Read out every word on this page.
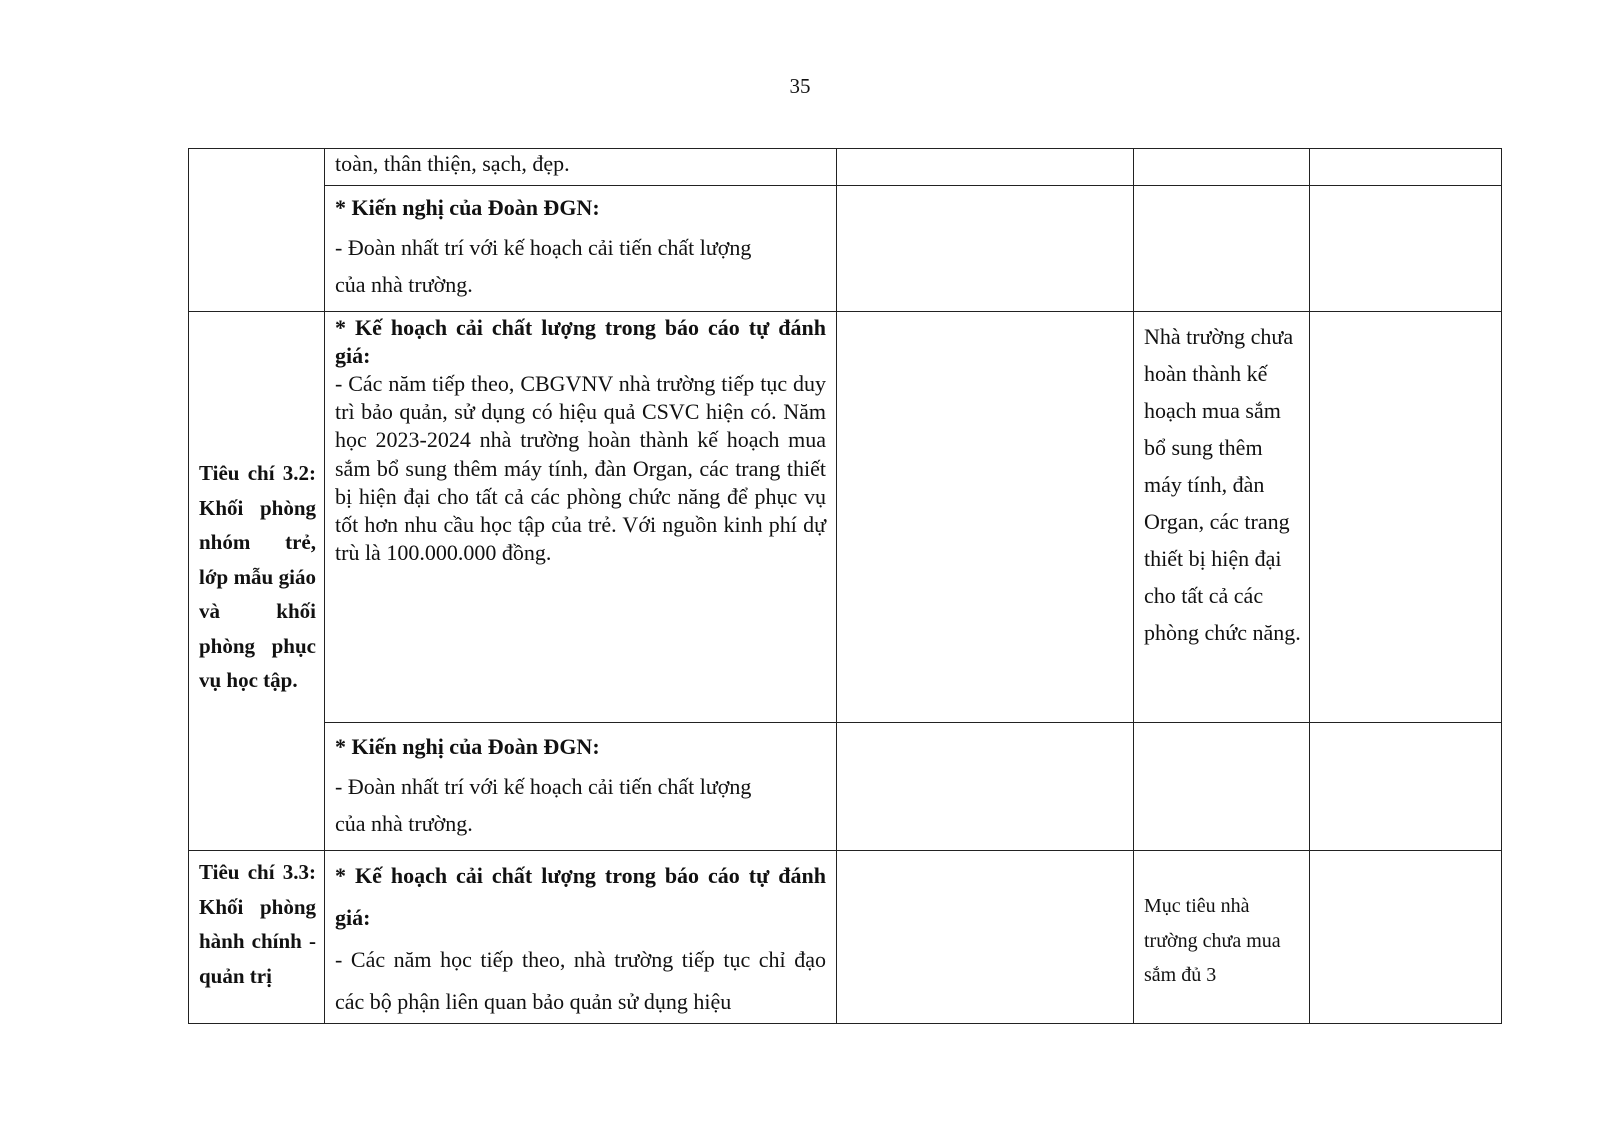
35

	toàn, thân thiện, sạch, đẹp.			

	* Kiến nghị của Đoàn ĐGN:
- Đoàn nhất trí với kế hoạch cải tiến chất lượng
của nhà trường.			

Tiêu chí 3.2: Khối phòng nhóm trẻ, lớp mẫu giáo và khối phòng phục vụ học tập.	* Kế hoạch cải chất lượng trong báo cáo tự đánh giá:
- Các năm tiếp theo, CBGVNV nhà trường tiếp tục duy trì bảo quản, sử dụng có hiệu quả CSVC hiện có. Năm học 2023-2024 nhà trường hoàn thành kế hoạch mua sắm bổ sung thêm máy tính, đàn Organ, các trang thiết bị hiện đại cho tất cả các phòng chức năng để phục vụ tốt hơn nhu cầu học tập của trẻ. Với nguồn kinh phí dự trù là 100.000.000 đồng.		Nhà trường chưa hoàn thành kế hoạch mua sắm bổ sung thêm máy tính, đàn Organ, các trang thiết bị hiện đại cho tất cả các phòng chức năng.	

	* Kiến nghị của Đoàn ĐGN:
- Đoàn nhất trí với kế hoạch cải tiến chất lượng
của nhà trường.			

Tiêu chí 3.3: Khối phòng hành chính - quản trị	* Kế hoạch cải chất lượng trong báo cáo tự đánh giá:
- Các năm học tiếp theo, nhà trường tiếp tục chỉ đạo các bộ phận liên quan bảo quản sử dụng hiệu		Mục tiêu nhà trường chưa mua sắm đủ 3	
